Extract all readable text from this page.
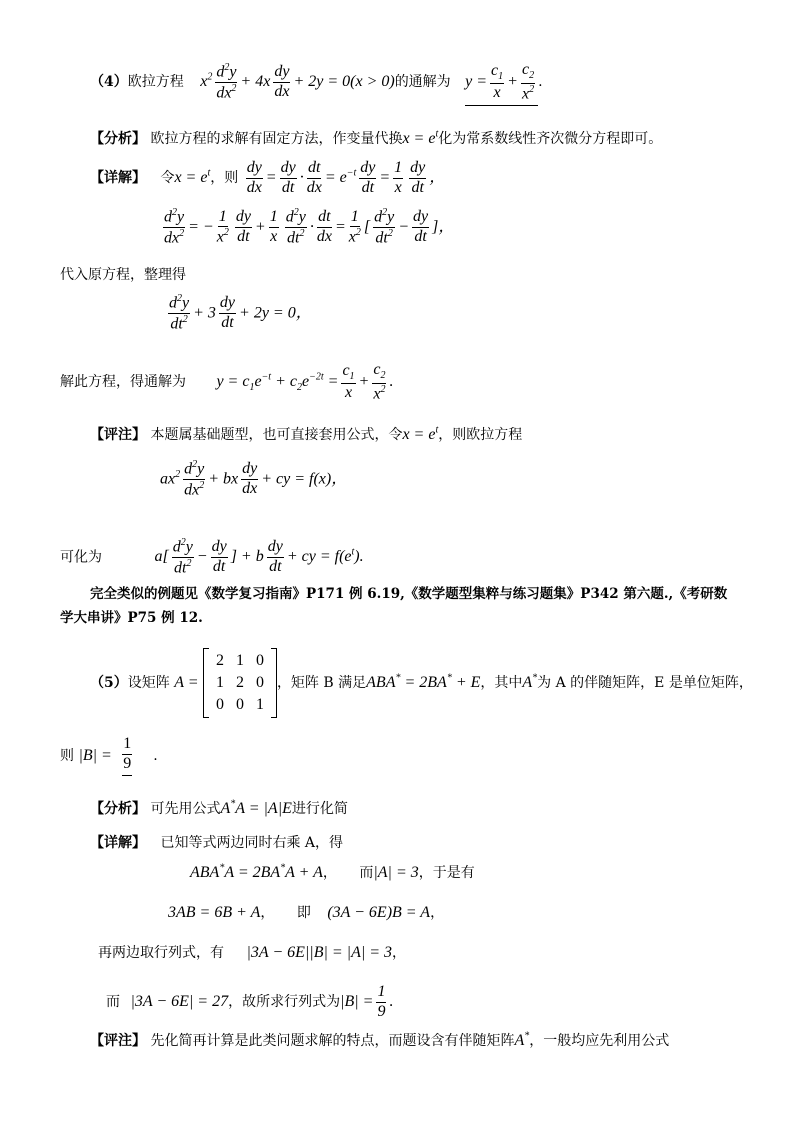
（4）欧拉方程 $x^2 \frac{d^2y}{dx^2} + 4x \frac{dy}{dx} + 2y = 0(x > 0)$的通解为 $y = \frac{c_1}{x} + \frac{c_2}{x^2}$ .
【分析】 欧拉方程的求解有固定方法，作变量代换$x = e^t$化为常系数线性齐次微分方程即可。
【详解】 令$x = e^t$，则 $\frac{dy}{dx} = \frac{dy}{dt} \cdot \frac{dt}{dx} = e^{-t} \frac{dy}{dt} = \frac{1}{x} \frac{dy}{dt}$ ，
$\frac{d^2y}{dx^2}$ = − $\frac{1}{x^2} \frac{dy}{dt} + \frac{1}{x} \frac{d^2y}{dt^2} \cdot \frac{dt}{dx} = \frac{1}{x^2}$ [ $\frac{d^2y}{dt^2} - \frac{dy}{dt}$ ]，
代入原方程，整理得
$\frac{d^2y}{dt^2} + 3 \frac{dy}{dt} + 2y = 0$，
解此方程，得通解为 $y = c_1e^{-t} + c_2e^{-2t} = \frac{c_1}{x} + \frac{c_2}{x^2}$ .
【评注】 本题属基础题型，也可直接套用公式，令$x = e^t$，则欧拉方程
$ax^2 \frac{d^2y}{dx^2}$ + bx $\frac{dy}{dx}$ + cy = f(x)，
可化为	$a[ \frac{d^2y}{dt^2} - \frac{dy}{dt}$ ] + b $\frac{dy}{dt}$ + cy = $f(e^t)$.
完全类似的例题见《数学复习指南》P171 例 6.19,《数学题型集粹与练习题集》P342 第六题.,《考研数
学大串讲》P75 例 12.
（5）设矩阵 A =
2	1	0
1	2	0
0	0	1
，矩阵 B 满足ABA* = 2BA* + E，其中A*为 A 的伴随矩阵，E 是单位矩阵，
则 $|B| = \frac{1}{9}$ .
【分析】 可先用公式A*A = |A|E进行化简
【详解】 已知等式两边同时右乘 A，得
ABA*A = 2BA*A + A， 而|A| = 3，于是有
3AB = 6B + A， 即 (3A − 6E)B = A，
再两边取行列式，有 |3A − 6E||B| = |A| = 3，
而 |3A − 6E| = 27，故所求行列式为$|B| = \frac{1}{9}$ .
【评注】 先化简再计算是此类问题求解的特点，而题设含有伴随矩阵A*，一般均应先利用公式
